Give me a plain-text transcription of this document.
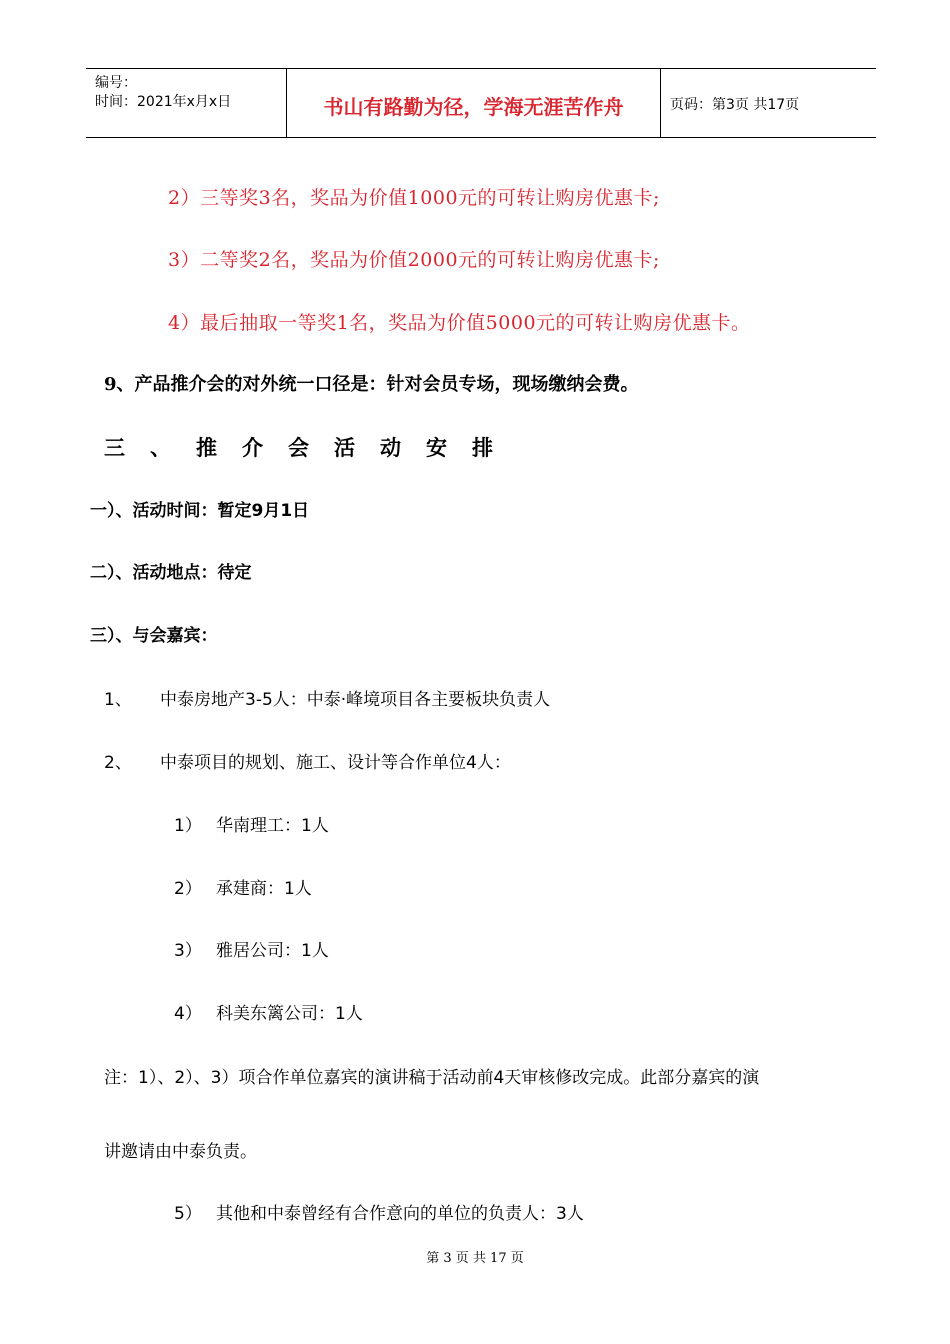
编号：
时间：2021年x月x日	书山有路勤为径，学海无涯苦作舟	页码：第3页 共17页
2）三等奖3名，奖品为价值1000元的可转让购房优惠卡;
3）二等奖2名，奖品为价值2000元的可转让购房优惠卡;
4）最后抽取一等奖1名，奖品为价值5000元的可转让购房优惠卡。
9、产品推介会的对外统一口径是：针对会员专场，现场缴纳会费。
三、推介会活动安排
一）、活动时间：暂定9月1日
二）、活动地点：待定
三）、与会嘉宾：
1、 中泰房地产3-5人：中泰·峰境项目各主要板块负责人
2、 中泰项目的规划、施工、设计等合作单位4人：
1） 华南理工：1人
2） 承建商：1人
3） 雅居公司：1人
4） 科美东篱公司：1人
注：1）、2）、3）项合作单位嘉宾的演讲稿于活动前4天审核修改完成。此部分嘉宾的演
讲邀请由中泰负责。
5） 其他和中泰曾经有合作意向的单位的负责人：3人
第 3 页 共 17 页
